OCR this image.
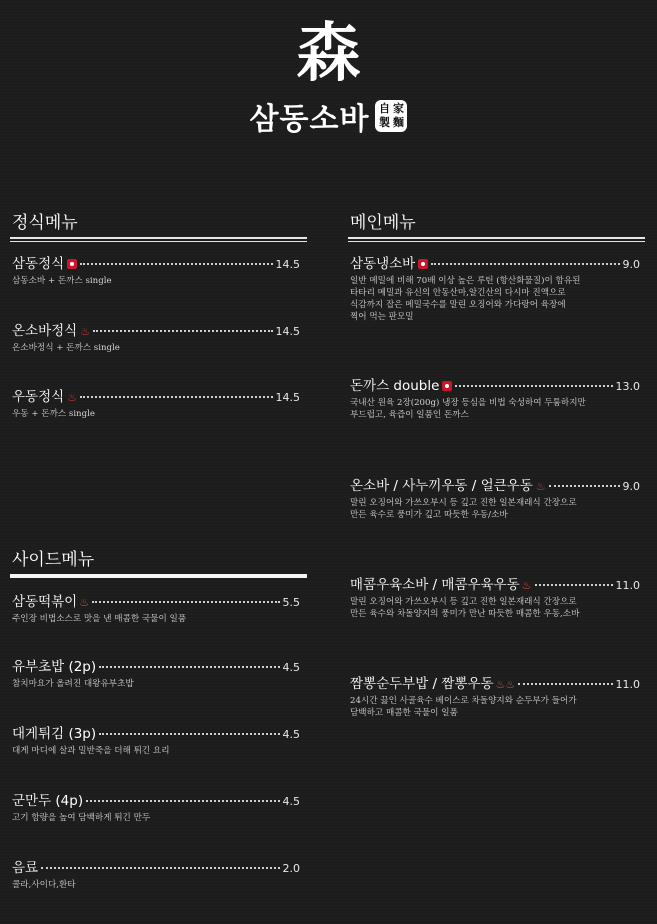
森
삼동소바 自 家
製 麵
정식메뉴
삼동정식	14.5
삼동소바 + 돈까스 single
온소바정식 ♨	14.5
온소바정식 + 돈까스 single
우동정식 ♨	14.5
우동 + 돈까스 single
사이드메뉴
삼동떡볶이 ♨	5.5
주인장 비법소스로 맛을 낸 매콤한 국물이 일품
유부초밥 (2p)	4.5
참치마요가 올려진 대왕유부초밥
대게튀김 (3p)	4.5
대게 마디에 살과 밀반죽을 더해 튀긴 요리
군만두 (4p)	4.5
고기 함량을 높여 담백하게 튀긴 만두
음료	2.0
콜라,사이다,환타
메인메뉴
삼동냉소바	9.0
일반 메밀에 비해 70배 이상 높은 루틴 (항산화물질)이 함유된
타타리 메밀과 유신의 안동산마,알긴산의 다시마 진액으로
식감까지 잡은 메밀국수를 말린 오징어와 가다랑어 육장에
찍어 먹는 판모밀
돈까스 double	13.0
국내산 원육 2장(200g) 냉장 등심을 비법 숙성하여 두툼하지만
부드럽고, 육즙이 일품인 돈까스
온소바 / 사누끼우동 / 얼큰우동 ♨	9.0
말린 오징어와 가쓰오부시 등 깊고 진한 일본재래식 간장으로
만든 육수로 풍미가 깊고 따듯한 우동/소바
매콤우육소바 / 매콤우육우동 ♨	11.0
말린 오징어와 가쓰오부시 등 깊고 진한 일본재래식 간장으로
만든 육수와 차돌양지의 풍미가 만난 따듯한 매콤한 우동,소바
짬뽕순두부밥 / 짬뽕우동 ♨♨	11.0
24시간 끓인 사골육수 베이스로 차돌양지와 순두부가 들어가
담백하고 매콤한 국물이 일품
